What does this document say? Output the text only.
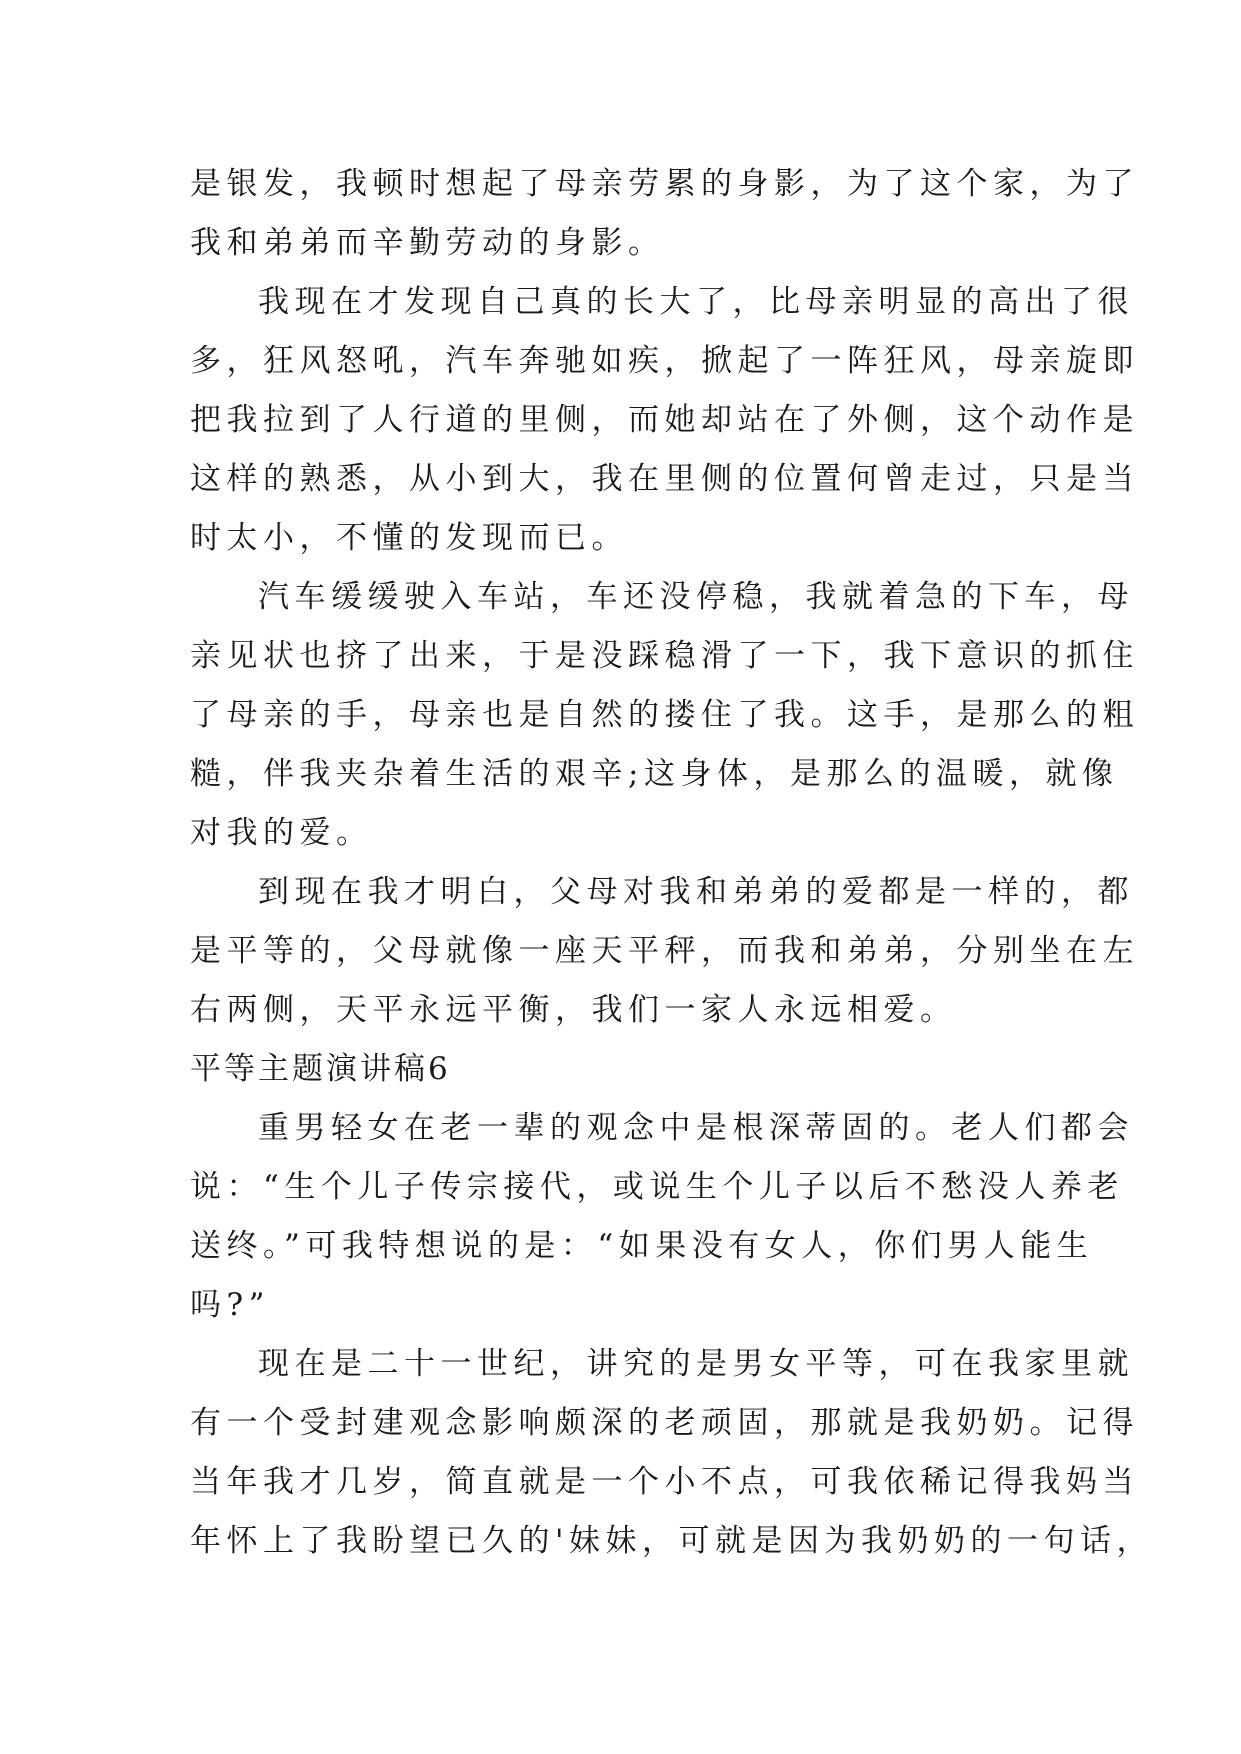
是银发，我顿时想起了母亲劳累的身影，为了这个家，为了
我和弟弟而辛勤劳动的身影。
我现在才发现自己真的长大了，比母亲明显的高出了很
多，狂风怒吼，汽车奔驰如疾，掀起了一阵狂风，母亲旋即
把我拉到了人行道的里侧，而她却站在了外侧，这个动作是
这样的熟悉，从小到大，我在里侧的位置何曾走过，只是当
时太小，不懂的发现而已。
汽车缓缓驶入车站，车还没停稳，我就着急的下车，母
亲见状也挤了出来，于是没踩稳滑了一下，我下意识的抓住
了母亲的手，母亲也是自然的搂住了我。这手，是那么的粗
糙，伴我夹杂着生活的艰辛;这身体，是那么的温暖，就像
对我的爱。
到现在我才明白，父母对我和弟弟的爱都是一样的，都
是平等的，父母就像一座天平秤，而我和弟弟，分别坐在左
右两侧，天平永远平衡，我们一家人永远相爱。
平等主题演讲稿6
重男轻女在老一辈的观念中是根深蒂固的。老人们都会
说：“生个儿子传宗接代，或说生个儿子以后不愁没人养老
送终。”可我特想说的是：“如果没有女人，你们男人能生
吗?”
现在是二十一世纪，讲究的是男女平等，可在我家里就
有一个受封建观念影响颇深的老顽固，那就是我奶奶。记得
当年我才几岁，简直就是一个小不点，可我依稀记得我妈当
年怀上了我盼望已久的'妹妹，可就是因为我奶奶的一句话，
